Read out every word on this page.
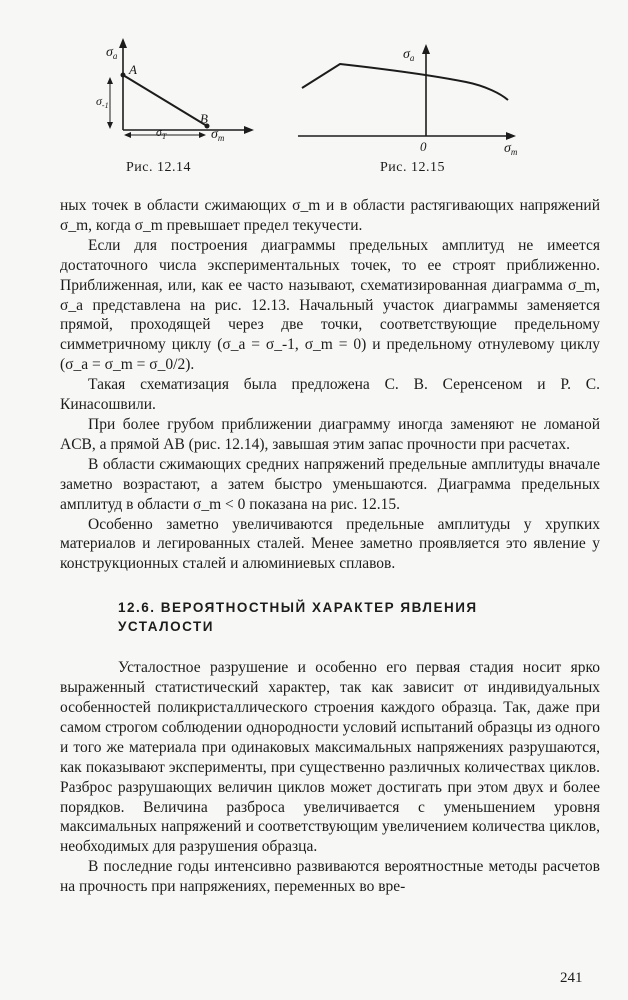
$\sigma_a$
A
B
$\sigma_m$
$\sigma_{-1}$
$\sigma_T$
Рис. 12.14
$\sigma_a$
0	$\sigma_m$
Рис. 12.15

ных точек в области сжимающих σ_m и в области растягивающих напряжений σ_m, когда σ_m превышает предел текучести.

Если для построения диаграммы предельных амплитуд не имеется достаточного числа экспериментальных точек, то ее строят приближенно. Приближенная, или, как ее часто называют, схематизированная диаграмма σ_m, σ_a представлена на рис. 12.13. Начальный участок диаграммы заменяется прямой, проходящей через две точки, соответствующие предельному симметричному циклу (σ_a = σ_-1, σ_m = 0) и предельному отнулевому циклу (σ_a = σ_m = σ_0/2).

Такая схематизация была предложена С. В. Серенсеном и Р. С. Кинасошвили.

При более грубом приближении диаграмму иногда заменяют не ломаной ACB, а прямой AB (рис. 12.14), завышая этим запас прочности при расчетах.

В области сжимающих средних напряжений предельные амплитуды вначале заметно возрастают, а затем быстро уменьшаются. Диаграмма предельных амплитуд в области σ_m < 0 показана на рис. 12.15.

Особенно заметно увеличиваются предельные амплитуды у хрупких материалов и легированных сталей. Менее заметно проявляется это явление у конструкционных сталей и алюминиевых сплавов.

12.6. ВЕРОЯТНОСТНЫЙ ХАРАКТЕР ЯВЛЕНИЯ
УСТАЛОСТИ

Усталостное разрушение и особенно его первая стадия носит ярко выраженный статистический характер, так как зависит от индивидуальных особенностей поликристаллического строения каждого образца. Так, даже при самом строгом соблюдении однородности условий испытаний образцы из одного и того же материала при одинаковых максимальных напряжениях разрушаются, как показывают эксперименты, при существенно различных количествах циклов. Разброс разрушающих величин циклов может достигать при этом двух и более порядков. Величина разброса увеличивается с уменьшением уровня максимальных напряжений и соответствующим увеличением количества циклов, необходимых для разрушения образца.

В последние годы интенсивно развиваются вероятностные методы расчетов на прочность при напряжениях, переменных во вре-

241
